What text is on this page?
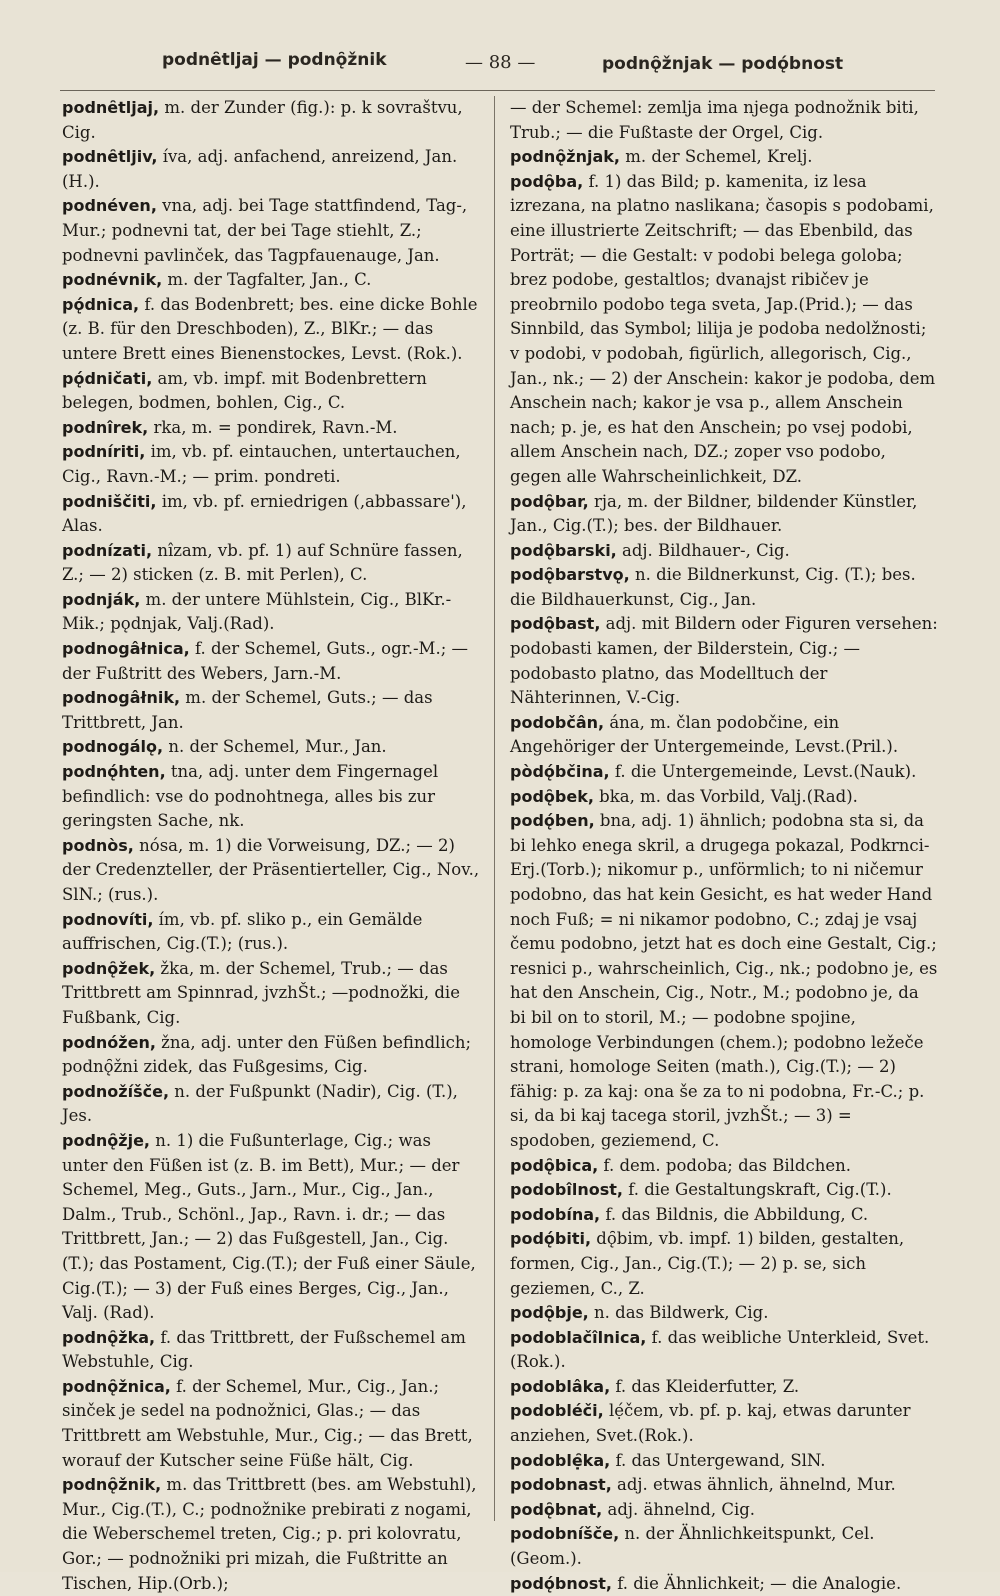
podnȇtljaj — podnǫ̑žnik	— 88 —	podnǫ̑žnjak — podǫ́bnost
podnȇtljaj, m. der Zunder (fig.): p. k sovraštvu, Cig.
podnȇtljiv, íva, adj. anfachend, anreizend, Jan. (H.).
podnéven, vna, adj. bei Tage stattfindend, Tag-, Mur.; podnevni tat, der bei Tage stiehlt, Z.; podnevni pavlinček, das Tagpfauenauge, Jan.
podnévnik, m. der Tagfalter, Jan., C.
pǫ́dnica, f. das Bodenbrett; bes. eine dicke Bohle (z. B. für den Dreschboden), Z., BlKr.; — das untere Brett eines Bienenstockes, Levst. (Rok.).
pǫ́dničati, am, vb. impf. mit Bodenbrettern belegen, bodmen, bohlen, Cig., C.
podnîrek, rka, m. = pondirek, Ravn.-M.
podníriti, im, vb. pf. eintauchen, untertauchen, Cig., Ravn.-M.; — prim. pondreti.
podniščiti, im, vb. pf. erniedrigen (‚abbassare'), Alas.
podnízati, nîzam, vb. pf. 1) auf Schnüre fassen, Z.; — 2) sticken (z. B. mit Perlen), C.
podnják, m. der untere Mühlstein, Cig., BlKr.-Mik.; pǫdnjak, Valj.(Rad).
podnogâłnica, f. der Schemel, Guts., ogr.-M.; — der Fußtritt des Webers, Jarn.-M.
podnogâłnik, m. der Schemel, Guts.; — das Trittbrett, Jan.
podnogálǫ, n. der Schemel, Mur., Jan.
podnǫ́hten, tna, adj. unter dem Fingernagel befindlich: vse do podnohtnega, alles bis zur geringsten Sache, nk.
podnòs, nósa, m. 1) die Vorweisung, DZ.; — 2) der Credenzteller, der Präsentierteller, Cig., Nov., SlN.; (rus.).
podnovíti, ím, vb. pf. sliko p., ein Gemälde auffrischen, Cig.(T.); (rus.).
podnǫ̑žek, žka, m. der Schemel, Trub.; — das Trittbrett am Spinnrad, jvzhŠt.; —podnožki, die Fußbank, Cig.
podnóžen, žna, adj. unter den Füßen befindlich; podnǫ̑žni zidek, das Fußgesims, Cig.
podnožíšče, n. der Fußpunkt (Nadir), Cig. (T.), Jes.
podnǫ̑žje, n. 1) die Fußunterlage, Cig.; was unter den Füßen ist (z. B. im Bett), Mur.; — der Schemel, Meg., Guts., Jarn., Mur., Cig., Jan., Dalm., Trub., Schönl., Jap., Ravn. i. dr.; — das Trittbrett, Jan.; — 2) das Fußgestell, Jan., Cig.(T.); das Postament, Cig.(T.); der Fuß einer Säule, Cig.(T.); — 3) der Fuß eines Berges, Cig., Jan., Valj. (Rad).
podnǫ̑žka, f. das Trittbrett, der Fußschemel am Webstuhle, Cig.
podnǫ̑žnica, f. der Schemel, Mur., Cig., Jan.; sinček je sedel na podnožnici, Glas.; — das Trittbrett am Webstuhle, Mur., Cig.; — das Brett, worauf der Kutscher seine Füße hält, Cig.
podnǫ̑žnik, m. das Trittbrett (bes. am Webstuhl), Mur., Cig.(T.), C.; podnožnike prebirati z nogami, die Weberschemel treten, Cig.; p. pri kolovratu, Gor.; — podnožniki pri mizah, die Fußtritte an Tischen, Hip.(Orb.);
— der Schemel: zemlja ima njega podnožnik biti, Trub.; — die Fußtaste der Orgel, Cig.
podnǫ̑žnjak, m. der Schemel, Krelj.
podǫ̑ba, f. 1) das Bild; p. kamenita, iz lesa izrezana, na platno naslikana; časopis s podobami, eine illustrierte Zeitschrift; — das Ebenbild, das Porträt; — die Gestalt: v podobi belega goloba; brez podobe, gestaltlos; dvanajst ribičev je preobrnilo podobo tega sveta, Jap.(Prid.); — das Sinnbild, das Symbol; lilija je podoba nedolžnosti; v podobi, v podobah, figürlich, allegorisch, Cig., Jan., nk.; — 2) der Anschein: kakor je podoba, dem Anschein nach; kakor je vsa p., allem Anschein nach; p. je, es hat den Anschein; po vsej podobi, allem Anschein nach, DZ.; zoper vso podobo, gegen alle Wahrscheinlichkeit, DZ.
podǫ̑bar, rja, m. der Bildner, bildender Künstler, Jan., Cig.(T.); bes. der Bildhauer.
podǫ̑barski, adj. Bildhauer-, Cig.
podǫ̑barstvǫ, n. die Bildnerkunst, Cig. (T.); bes. die Bildhauerkunst, Cig., Jan.
podǫ̑bast, adj. mit Bildern oder Figuren versehen: podobasti kamen, der Bilderstein, Cig.; — podobasto platno, das Modelltuch der Nähterinnen, V.-Cig.
podobčân, ána, m. član podobčine, ein Angehöriger der Untergemeinde, Levst.(Pril.).
pòdǫ́bčina, f. die Untergemeinde, Levst.(Nauk).
podǫ̑bek, bka, m. das Vorbild, Valj.(Rad).
podǫ́ben, bna, adj. 1) ähnlich; podobna sta si, da bi lehko enega skril, a drugega pokazal, Podkrnci-Erj.(Torb.); nikomur p., unförmlich; to ni ničemur podobno, das hat kein Gesicht, es hat weder Hand noch Fuß; = ni nikamor podobno, C.; zdaj je vsaj čemu podobno, jetzt hat es doch eine Gestalt, Cig.; resnici p., wahrscheinlich, Cig., nk.; podobno je, es hat den Anschein, Cig., Notr., M.; podobno je, da bi bil on to storil, M.; — podobne spojine, homologe Verbindungen (chem.); podobno ležeče strani, homologe Seiten (math.), Cig.(T.); — 2) fähig: p. za kaj: ona še za to ni podobna, Fr.-C.; p. si, da bi kaj tacega storil, jvzhŠt.; — 3) = spodoben, geziemend, C.
podǫ̑bica, f. dem. podoba; das Bildchen.
podobîlnost, f. die Gestaltungskraft, Cig.(T.).
podobína, f. das Bildnis, die Abbildung, C.
podǫ́biti, dǫ̑bim, vb. impf. 1) bilden, gestalten, formen, Cig., Jan., Cig.(T.); — 2) p. se, sich geziemen, C., Z.
podǫ̑bje, n. das Bildwerk, Cig.
podoblačîlnica, f. das weibliche Unterkleid, Svet.(Rok.).
podoblâka, f. das Kleiderfutter, Z.
podobléči, lẹ́čem, vb. pf. p. kaj, etwas darunter anziehen, Svet.(Rok.).
podoblẹ̑ka, f. das Untergewand, SlN.
podobnast, adj. etwas ähnlich, ähnelnd, Mur.
podǫ̑bnat, adj. ähnelnd, Cig.
podobníšče, n. der Ähnlichkeitspunkt, Cel. (Geom.).
podǫ́bnost, f. die Ähnlichkeit; — die Analogie.
